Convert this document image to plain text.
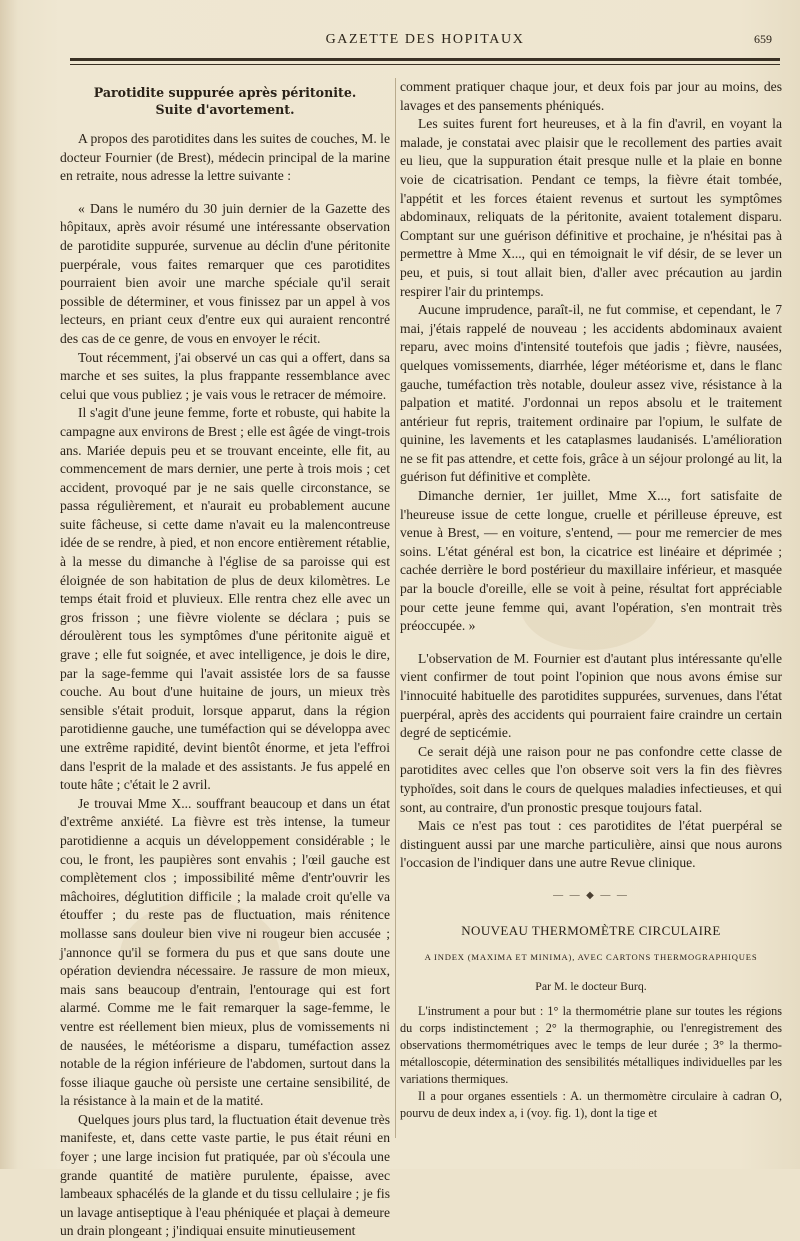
GAZETTE DES HOPITAUX	659
Parotidite suppurée après péritonite. Suite d'avortement.

A propos des parotidites dans les suites de couches, M. le docteur Fournier (de Brest), médecin principal de la marine en retraite, nous adresse la lettre suivante :

« Dans le numéro du 30 juin dernier de la Gazette des hôpitaux, après avoir résumé une intéressante observation de parotidite suppurée, survenue au déclin d'une péritonite puerpérale, vous faites remarquer que ces parotidites pourraient bien avoir une marche spéciale qu'il serait possible de déterminer, et vous finissez par un appel à vos lecteurs, en priant ceux d'entre eux qui auraient rencontré des cas de ce genre, de vous en envoyer le récit.

Tout récemment, j'ai observé un cas qui a offert, dans sa marche et ses suites, la plus frappante ressemblance avec celui que vous publiez ; je vais vous le retracer de mémoire.

Il s'agit d'une jeune femme, forte et robuste, qui habite la campagne aux environs de Brest ; elle est âgée de vingt-trois ans. Mariée depuis peu et se trouvant enceinte, elle fit, au commencement de mars dernier, une perte à trois mois ; cet accident, provoqué par je ne sais quelle circonstance, se passa régulièrement, et n'aurait eu probablement aucune suite fâcheuse, si cette dame n'avait eu la malencontreuse idée de se rendre, à pied, et non encore entièrement rétablie, à la messe du dimanche à l'église de sa paroisse qui est éloignée de son habitation de plus de deux kilomètres. Le temps était froid et pluvieux. Elle rentra chez elle avec un gros frisson ; une fièvre violente se déclara ; puis se déroulèrent tous les symptômes d'une péritonite aiguë et grave ; elle fut soignée, et avec intelligence, je dois le dire, par la sage-femme qui l'avait assistée lors de sa fausse couche. Au bout d'une huitaine de jours, un mieux très sensible s'était produit, lorsque apparut, dans la région parotidienne gauche, une tuméfaction qui se développa avec une extrême rapidité, devint bientôt énorme, et jeta l'effroi dans l'esprit de la malade et des assistants. Je fus appelé en toute hâte ; c'était le 2 avril.

Je trouvai Mme X... souffrant beaucoup et dans un état d'extrême anxiété. La fièvre est très intense, la tumeur parotidienne a acquis un développement considérable ; le cou, le front, les paupières sont envahis ; l'œil gauche est complètement clos ; impossibilité même d'entr'ouvrir les mâchoires, déglutition difficile ; la malade croit qu'elle va étouffer ; du reste pas de fluctuation, mais rénitence mollasse sans douleur bien vive ni rougeur bien accusée ; j'annonce qu'il se formera du pus et que sans doute une opération deviendra nécessaire. Je rassure de mon mieux, mais sans beaucoup d'entrain, l'entourage qui est fort alarmé. Comme me le fait remarquer la sage-femme, le ventre est réellement bien mieux, plus de vomissements ni de nausées, le météorisme a disparu, tuméfaction assez notable de la région inférieure de l'abdomen, surtout dans la fosse iliaque gauche où persiste une certaine sensibilité, de la résistance à la main et de la matité.

Quelques jours plus tard, la fluctuation était devenue très manifeste, et, dans cette vaste partie, le pus était réuni en foyer ; une large incision fut pratiquée, par où s'écoula une grande quantité de matière purulente, épaisse, avec lambeaux sphacélés de la glande et du tissu cellulaire ; je fis un lavage antiseptique à l'eau phéniquée et plaçai à demeure un drain plongeant ; j'indiquai ensuite minutieusement

comment pratiquer chaque jour, et deux fois par jour au moins, des lavages et des pansements phéniqués.

Les suites furent fort heureuses, et à la fin d'avril, en voyant la malade, je constatai avec plaisir que le recollement des parties avait eu lieu, que la suppuration était presque nulle et la plaie en bonne voie de cicatrisation. Pendant ce temps, la fièvre était tombée, l'appétit et les forces étaient revenus et surtout les symptômes abdominaux, reliquats de la péritonite, avaient totalement disparu. Comptant sur une guérison définitive et prochaine, je n'hésitai pas à permettre à Mme X..., qui en témoignait le vif désir, de se lever un peu, et puis, si tout allait bien, d'aller avec précaution au jardin respirer l'air du printemps.

Aucune imprudence, paraît-il, ne fut commise, et cependant, le 7 mai, j'étais rappelé de nouveau ; les accidents abdominaux avaient reparu, avec moins d'intensité toutefois que jadis ; fièvre, nausées, quelques vomissements, diarrhée, léger météorisme et, dans le flanc gauche, tuméfaction très notable, douleur assez vive, résistance à la palpation et matité. J'ordonnai un repos absolu et le traitement antérieur fut repris, traitement ordinaire par l'opium, le sulfate de quinine, les lavements et les cataplasmes laudanisés. L'amélioration ne se fit pas attendre, et cette fois, grâce à un séjour prolongé au lit, la guérison fut définitive et complète.

Dimanche dernier, 1er juillet, Mme X..., fort satisfaite de l'heureuse issue de cette longue, cruelle et périlleuse épreuve, est venue à Brest, — en voiture, s'entend, — pour me remercier de mes soins. L'état général est bon, la cicatrice est linéaire et déprimée ; cachée derrière le bord postérieur du maxillaire inférieur, et masquée par la boucle d'oreille, elle se voit à peine, résultat fort appréciable pour cette jeune femme qui, avant l'opération, s'en montrait très préoccupée. »

L'observation de M. Fournier est d'autant plus intéressante qu'elle vient confirmer de tout point l'opinion que nous avons émise sur l'innocuité habituelle des parotidites suppurées, survenues, dans l'état puerpéral, après des accidents qui pourraient faire craindre un certain degré de septicémie.

Ce serait déjà une raison pour ne pas confondre cette classe de parotidites avec celles que l'on observe soit vers la fin des fièvres typhoïdes, soit dans le cours de quelques maladies infectieuses, et qui sont, au contraire, d'un pronostic presque toujours fatal.

Mais ce n'est pas tout : ces parotidites de l'état puerpéral se distinguent aussi par une marche particulière, ainsi que nous aurons l'occasion de l'indiquer dans une autre Revue clinique.

— — ◆ — —
NOUVEAU THERMOMÈTRE CIRCULAIRE
A INDEX (MAXIMA ET MINIMA), AVEC CARTONS THERMOGRAPHIQUES
Par M. le docteur Burq.

L'instrument a pour but : 1° la thermométrie plane sur toutes les régions du corps indistinctement ; 2° la thermographie, ou l'enregistrement des observations thermométriques avec le temps de leur durée ; 3° la thermo-métalloscopie, détermination des sensibilités métalliques individuelles par les variations thermiques.

Il a pour organes essentiels : A. un thermomètre circulaire à cadran O, pourvu de deux index a, i (voy. fig. 1), dont la tige et
